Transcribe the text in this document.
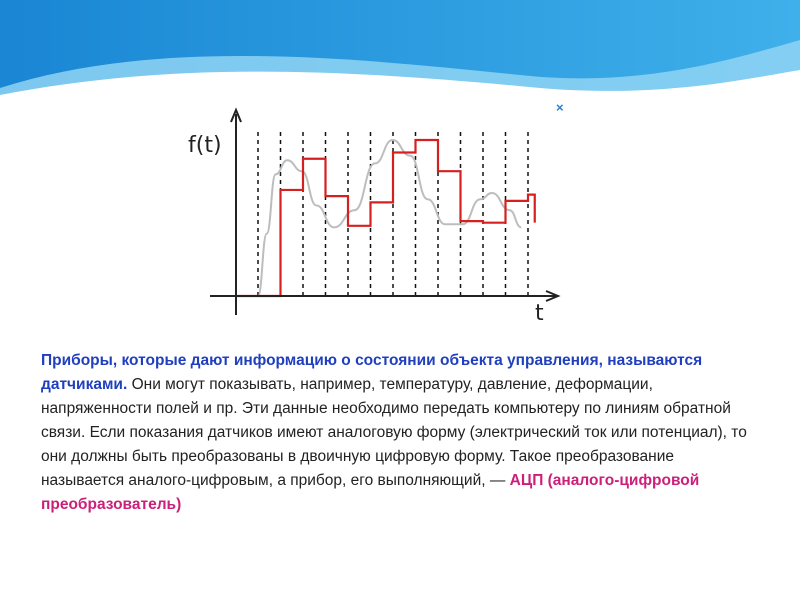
×
f(t)
t
Приборы, которые дают информацию о состоянии объекта управления, называются датчиками. Они могут показывать, например, температуру, давление, деформации, напряженности полей и пр. Эти данные необходимо передать компьютеру по линиям обратной связи. Если показания датчиков имеют аналоговую форму (электрический ток или потенциал), то они должны быть преобразованы в двоичную цифровую форму. Такое преобразование называется аналого-цифровым, а прибор, его выполняющий, — АЦП (аналого-цифровой преобразователь)
